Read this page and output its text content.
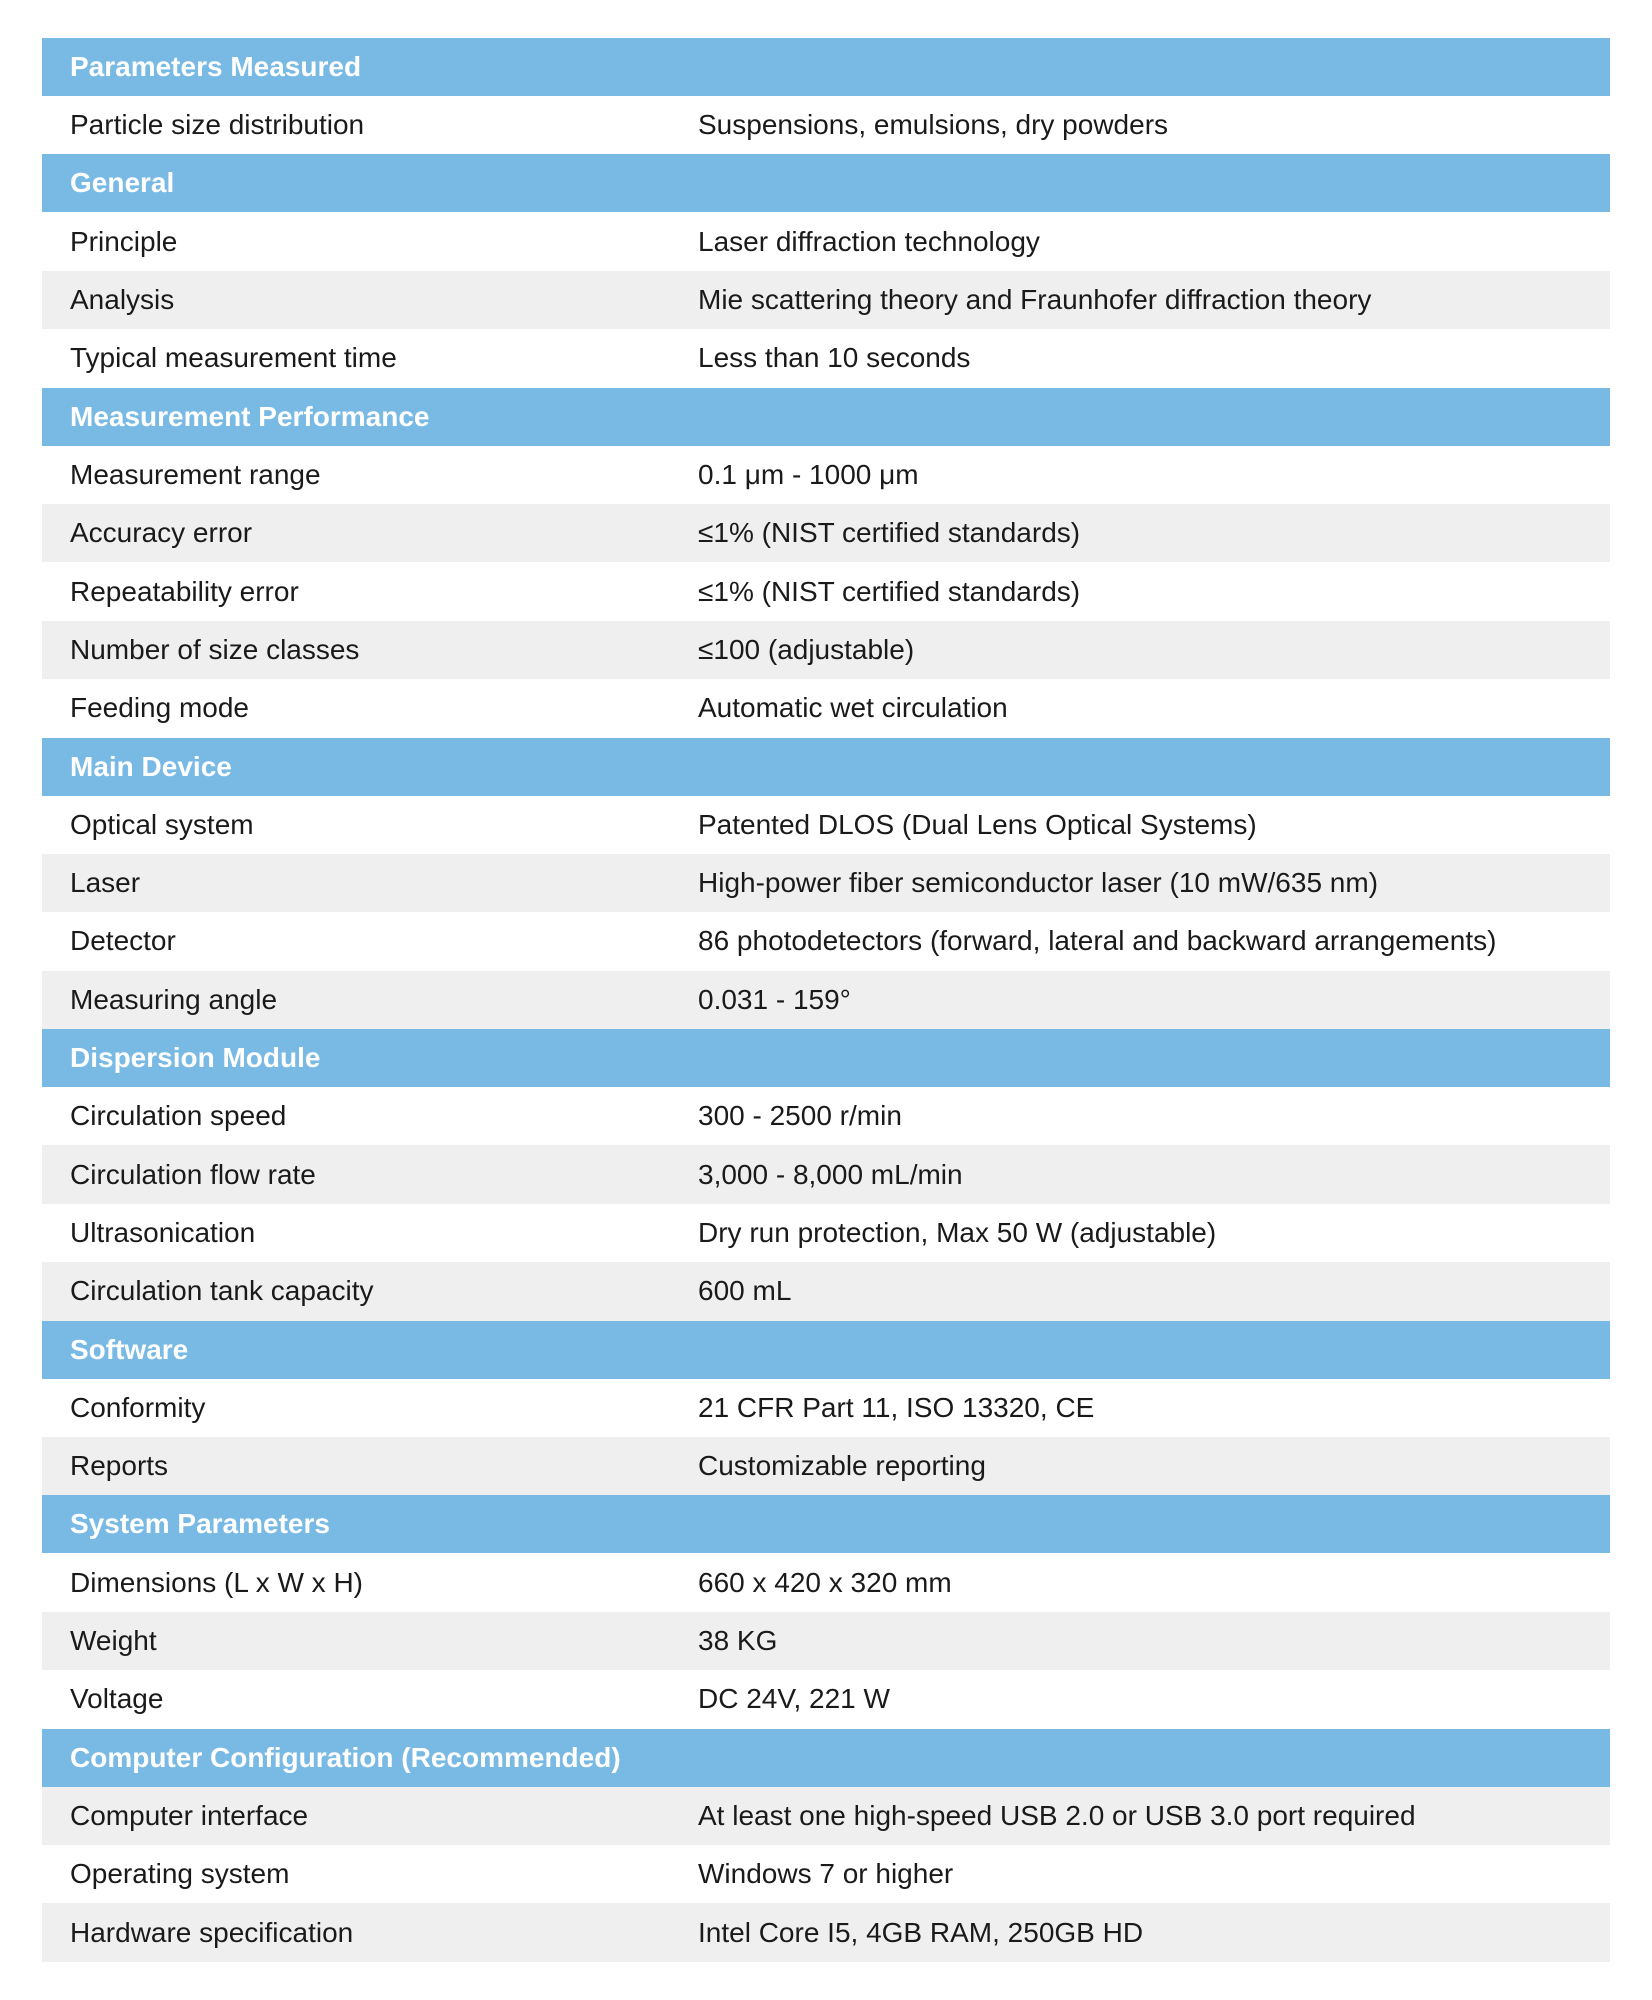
Parameters Measured
Particle size distribution	Suspensions, emulsions, dry powders
General
Principle	Laser diffraction technology
Analysis	Mie scattering theory and Fraunhofer diffraction theory
Typical measurement time	Less than 10 seconds
Measurement Performance
Measurement range	0.1 μm - 1000 μm
Accuracy error	≤1% (NIST certified standards)
Repeatability error	≤1% (NIST certified standards)
Number of size classes	≤100 (adjustable)
Feeding mode	Automatic wet circulation
Main Device
Optical system	Patented DLOS (Dual Lens Optical Systems)
Laser	High-power fiber semiconductor laser (10 mW/635 nm)
Detector	86 photodetectors (forward, lateral and backward arrangements)
Measuring angle	0.031 - 159°
Dispersion Module
Circulation speed	300 - 2500 r/min
Circulation flow rate	3,000 - 8,000 mL/min
Ultrasonication	Dry run protection, Max 50 W (adjustable)
Circulation tank capacity	600 mL
Software
Conformity	21 CFR Part 11, ISO 13320, CE
Reports	Customizable reporting
System Parameters
Dimensions (L x W x H)	660 x 420 x 320 mm
Weight	38 KG
Voltage	DC 24V, 221 W
Computer Configuration (Recommended)
Computer interface	At least one high-speed USB 2.0 or USB 3.0 port required
Operating system	Windows 7 or higher
Hardware specification	Intel Core I5, 4GB RAM, 250GB HD
